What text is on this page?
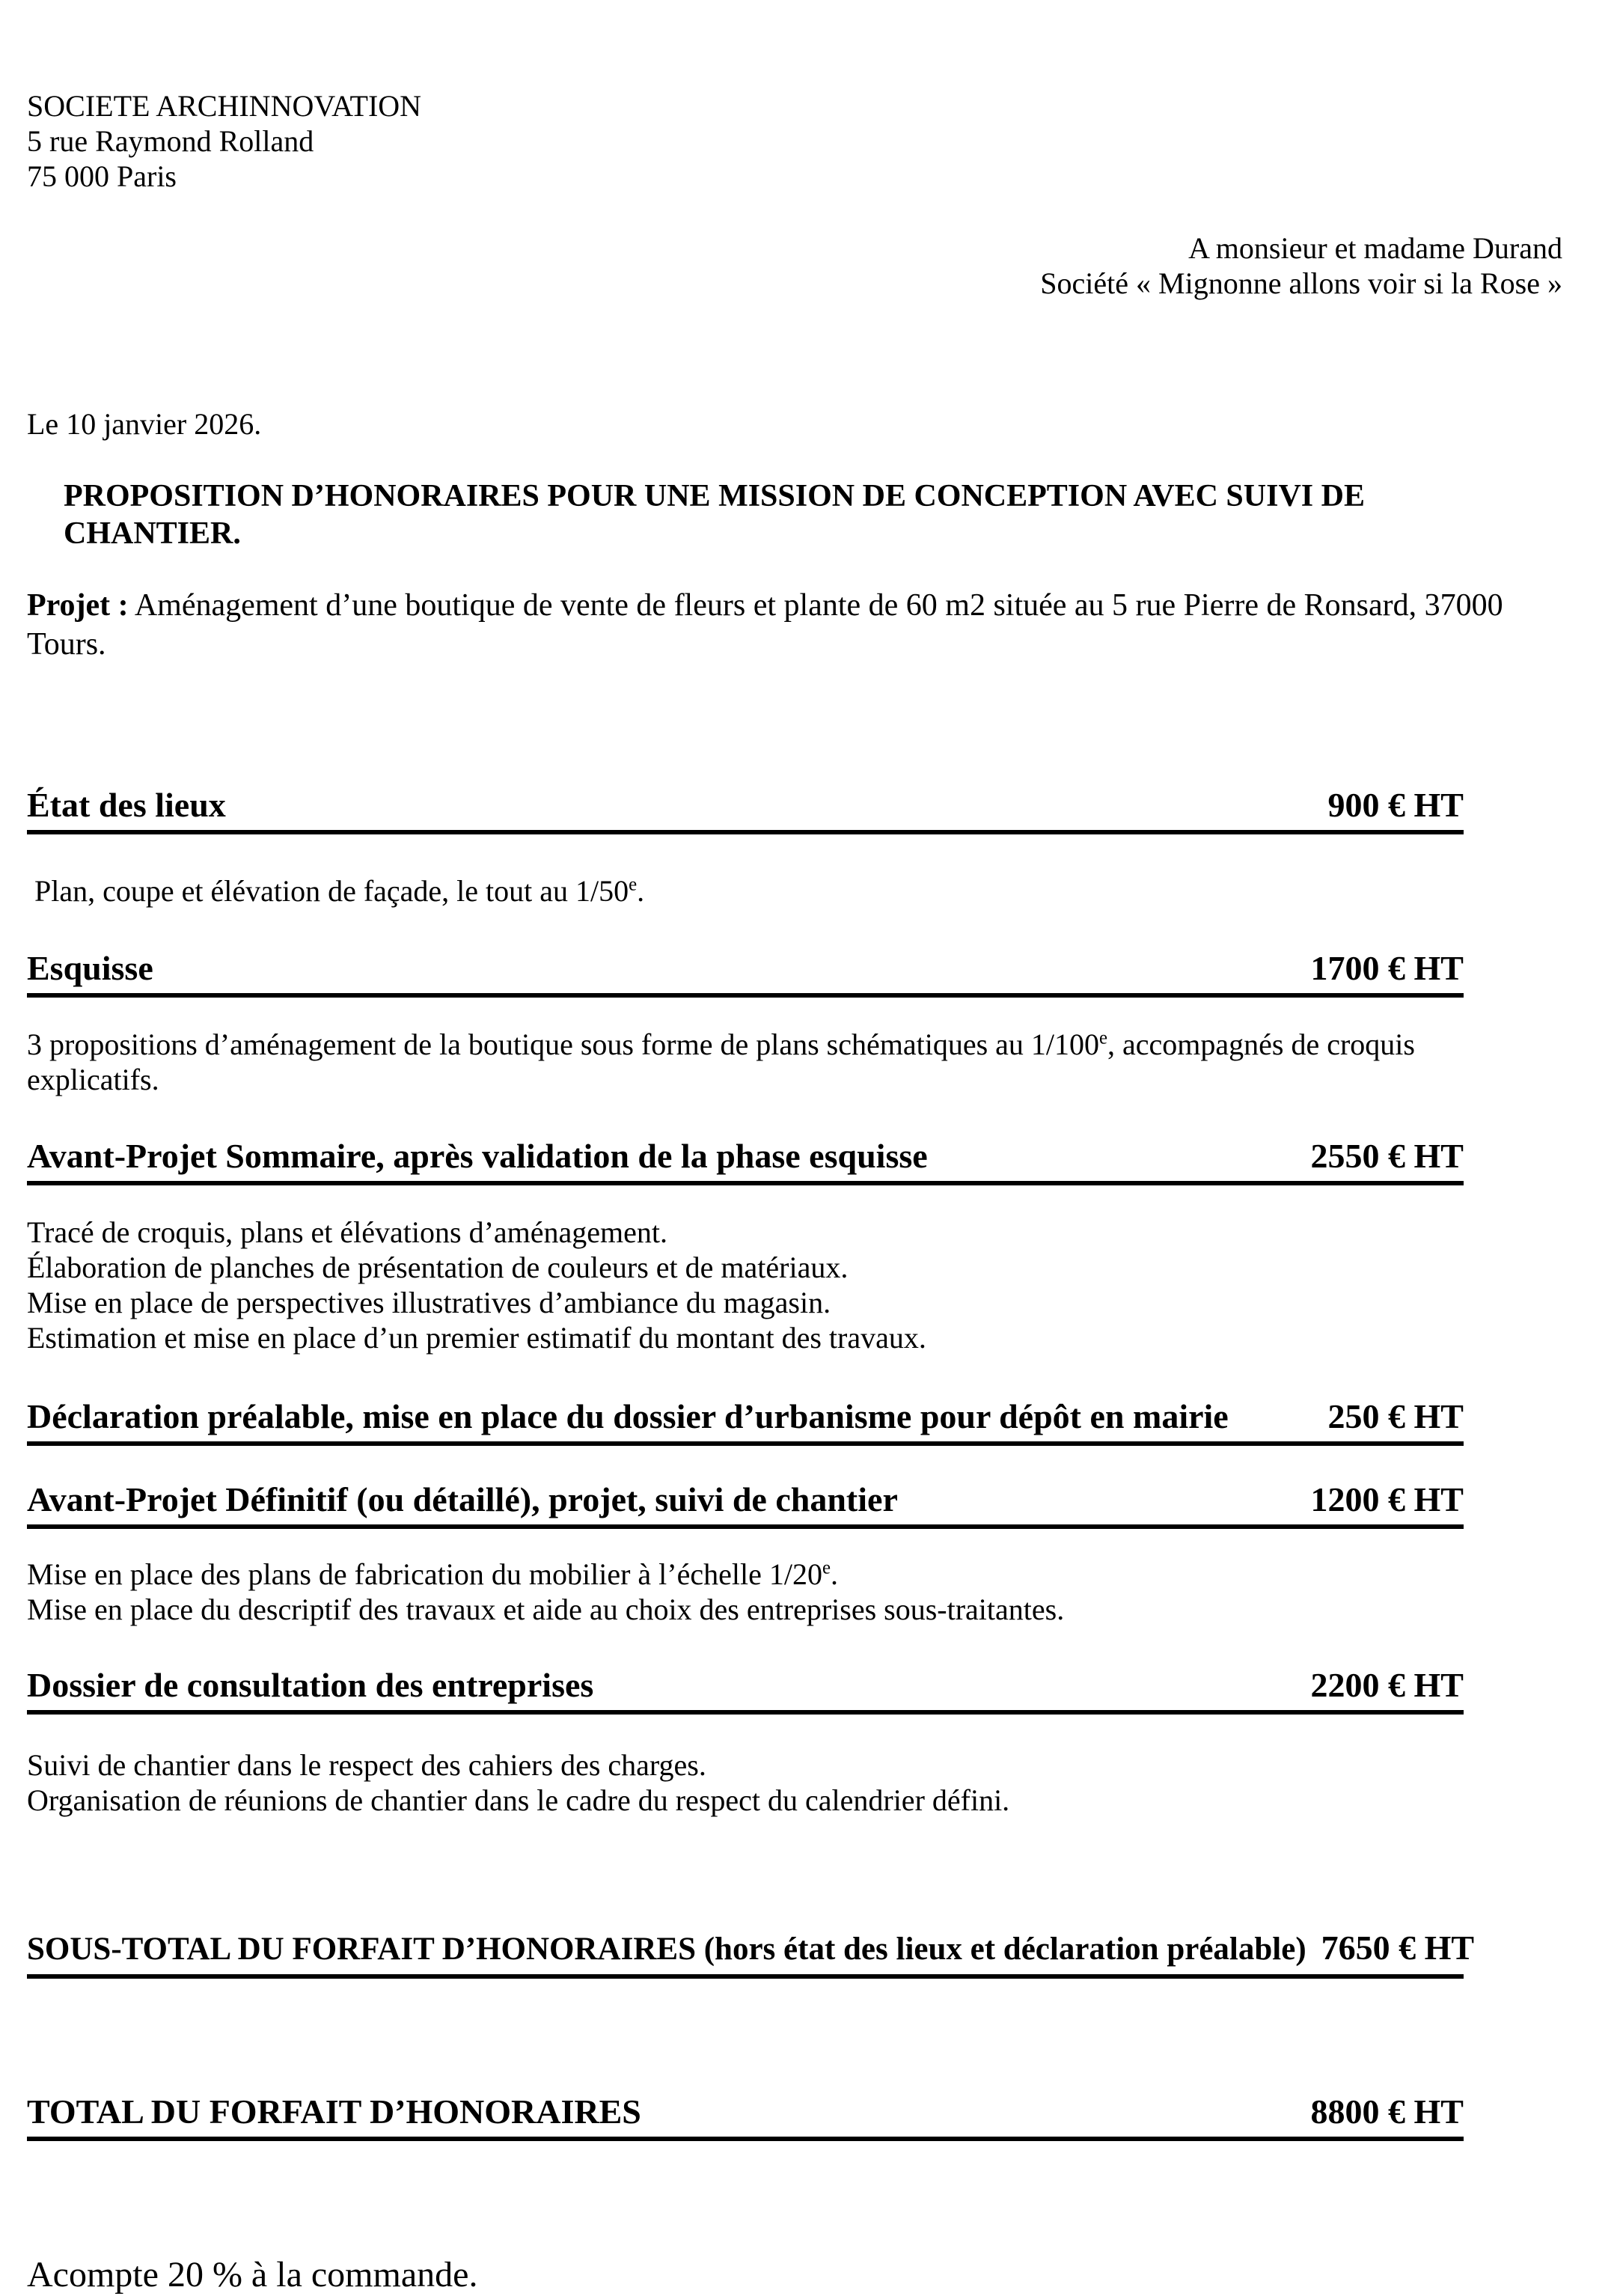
SOCIETE ARCHINNOVATION
5 rue Raymond Rolland
75 000 Paris
A monsieur et madame Durand
Société « Mignonne allons voir si la Rose »
Le 10 janvier 2026.
PROPOSITION D’HONORAIRES POUR UNE MISSION DE CONCEPTION AVEC SUIVI DE CHANTIER.
Projet : Aménagement d’une boutique de vente de fleurs et plante de 60 m2 située au 5 rue Pierre de Ronsard, 37000 Tours.
État des lieux	900 € HT

Plan, coupe et élévation de façade, le tout au 1/50e.

Esquisse	1700 € HT

3 propositions d’aménagement de la boutique sous forme de plans schématiques au 1/100e, accompagnés de croquis explicatifs.

Avant-Projet Sommaire, après validation de la phase esquisse	2550 € HT

Tracé de croquis, plans et élévations d’aménagement.

Élaboration de planches de présentation de couleurs et de matériaux.

Mise en place de perspectives illustratives d’ambiance du magasin.

Estimation et mise en place d’un premier estimatif du montant des travaux.

Déclaration préalable, mise en place du dossier d’urbanisme pour dépôt en mairie	250 € HT
Avant-Projet Définitif (ou détaillé), projet, suivi de chantier	1200 € HT

Mise en place des plans de fabrication du mobilier à l’échelle 1/20e.

Mise en place du descriptif des travaux et aide au choix des entreprises sous-traitantes.

Dossier de consultation des entreprises	2200 € HT

Suivi de chantier dans le respect des cahiers des charges.

Organisation de réunions de chantier dans le cadre du respect du calendrier défini.

SOUS-TOTAL DU FORFAIT D’HONORAIRES (hors état des lieux et déclaration préalable) 7650 € HT
TOTAL DU FORFAIT D’HONORAIRES	8800 € HT
Acompte 20 % à la commande.
